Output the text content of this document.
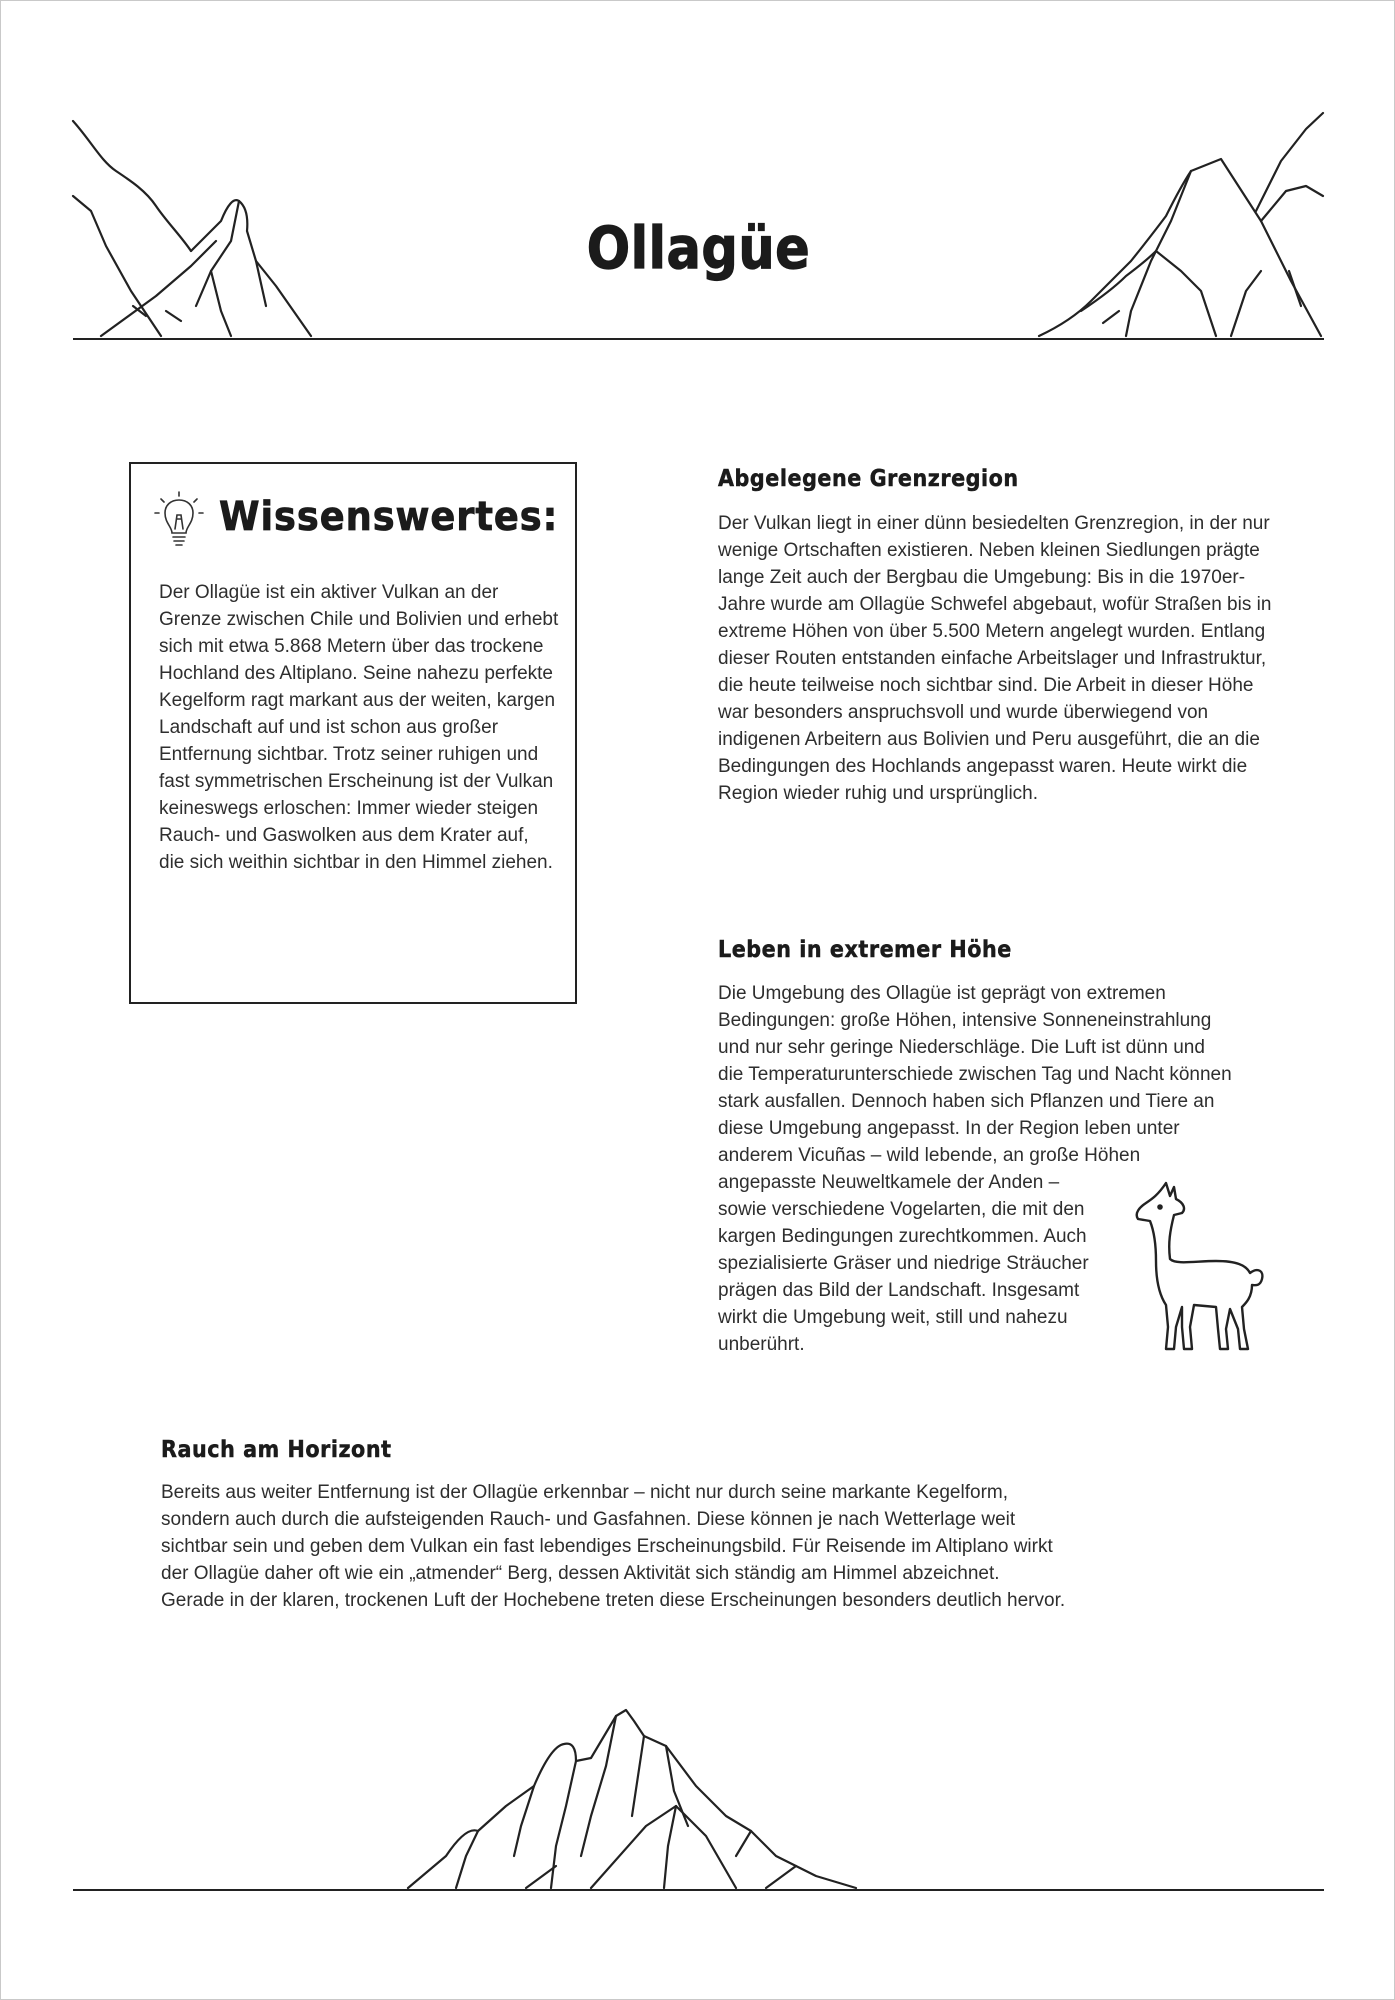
Ollagüe
Wissenswertes:
Der Ollagüe ist ein aktiver Vulkan an der Grenze zwischen Chile und Bolivien und erhebt sich mit etwa 5.868 Metern über das trockene Hochland des Altiplano. Seine nahezu perfekte Kegelform ragt markant aus der weiten, kargen Landschaft auf und ist schon aus großer Entfernung sichtbar. Trotz seiner ruhigen und fast symmetrischen Erscheinung ist der Vulkan keineswegs erloschen: Immer wieder steigen Rauch- und Gaswolken aus dem Krater auf, die sich weithin sichtbar in den Himmel ziehen.
Abgelegene Grenzregion
Der Vulkan liegt in einer dünn besiedelten Grenzregion, in der nur wenige Ortschaften existieren. Neben kleinen Siedlungen prägte lange Zeit auch der Bergbau die Umgebung: Bis in die 1970er-Jahre wurde am Ollagüe Schwefel abgebaut, wofür Straßen bis in extreme Höhen von über 5.500 Metern angelegt wurden. Entlang dieser Routen entstanden einfache Arbeitslager und Infrastruktur, die heute teilweise noch sichtbar sind. Die Arbeit in dieser Höhe war besonders anspruchsvoll und wurde überwiegend von indigenen Arbeitern aus Bolivien und Peru ausgeführt, die an die Bedingungen des Hochlands angepasst waren. Heute wirkt die Region wieder ruhig und ursprünglich.
Leben in extremer Höhe

Die Umgebung des Ollagüe ist geprägt von extremen Bedingungen: große Höhen, intensive Sonneneinstrahlung und nur sehr geringe Niederschläge. Die Luft ist dünn und die Temperaturunterschiede zwischen Tag und Nacht können stark ausfallen. Dennoch haben sich Pflanzen und Tiere an diese Umgebung angepasst. In der Region leben unter anderem Vicuñas – wild lebende, an große Höhen angepasste Neuweltkamele der Anden –

sowie verschiedene Vogelarten, die mit den kargen Bedingungen zurechtkommen. Auch spezialisierte Gräser und niedrige Sträucher prägen das Bild der Landschaft. Insgesamt wirkt die Umgebung weit, still und nahezu unberührt.

Rauch am Horizont
Bereits aus weiter Entfernung ist der Ollagüe erkennbar – nicht nur durch seine markante Kegelform, sondern auch durch die aufsteigenden Rauch- und Gasfahnen. Diese können je nach Wetterlage weit sichtbar sein und geben dem Vulkan ein fast lebendiges Erscheinungsbild. Für Reisende im Altiplano wirkt der Ollagüe daher oft wie ein „atmender“ Berg, dessen Aktivität sich ständig am Himmel abzeichnet. Gerade in der klaren, trockenen Luft der Hochebene treten diese Erscheinungen besonders deutlich hervor.
